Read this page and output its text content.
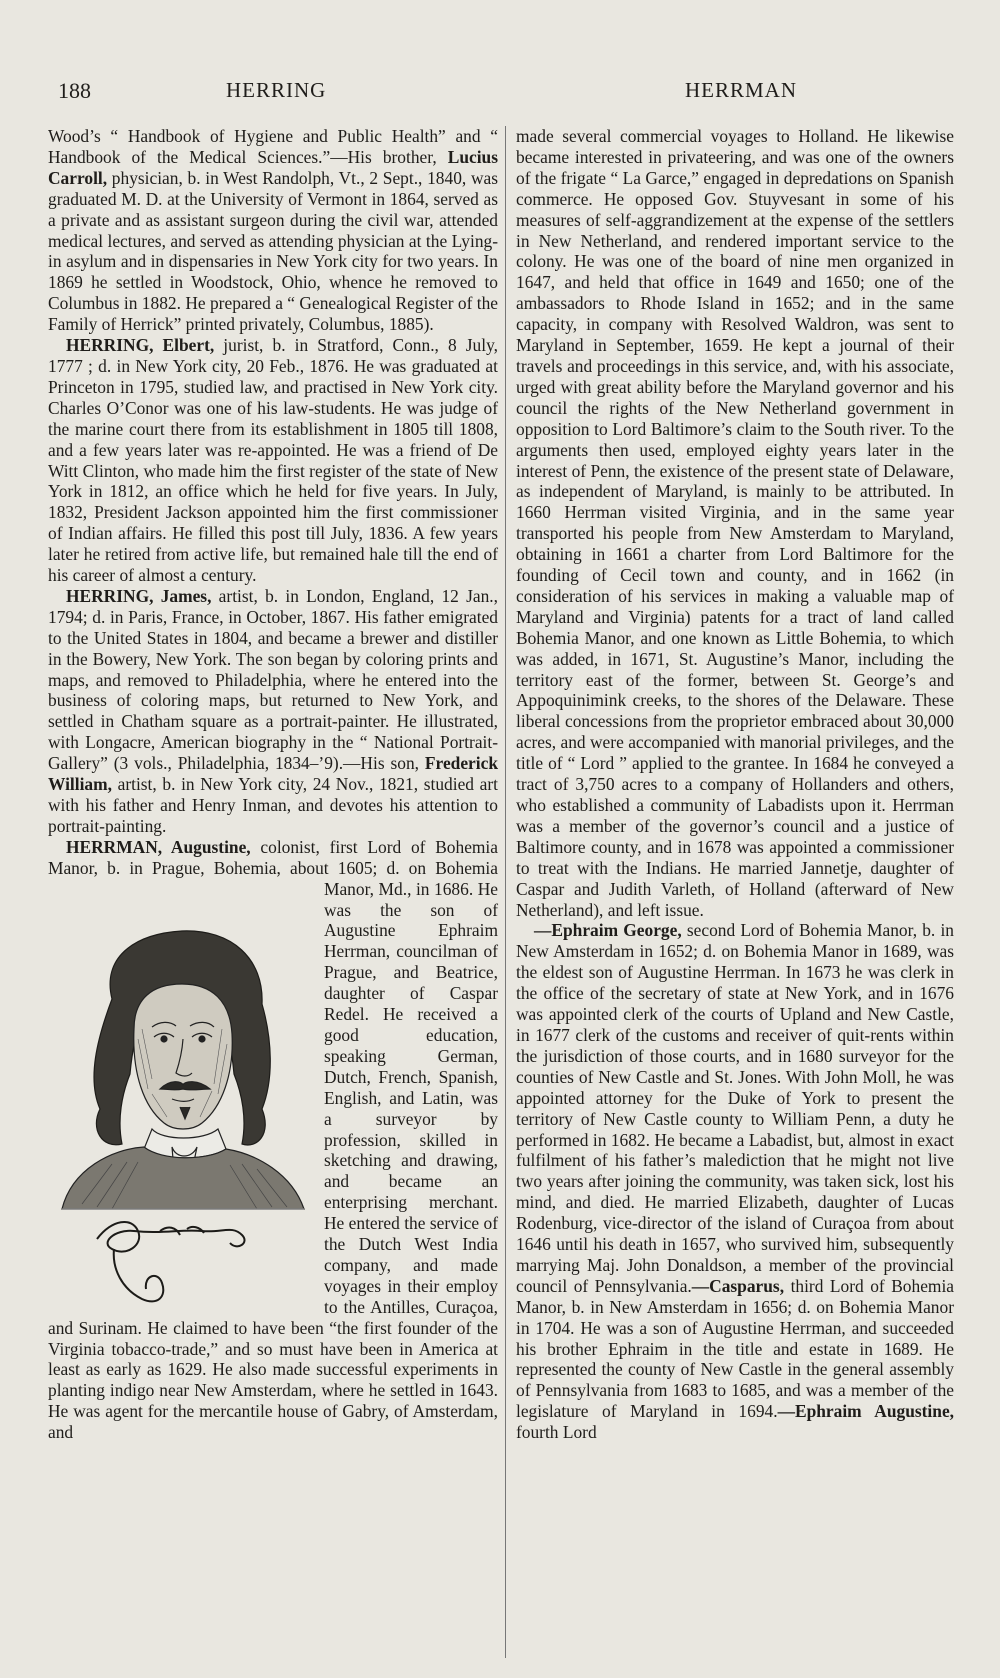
188	HERRING	HERRMAN

Wood’s “ Handbook of Hygiene and Public Health” and “ Handbook of the Medical Sciences.”—His brother, Lucius Carroll, physician, b. in West Randolph, Vt., 2 Sept., 1840, was graduated M. D. at the University of Vermont in 1864, served as a private and as assistant surgeon during the civil war, attended medical lectures, and served as attending physician at the Lying-in asylum and in dispensaries in New York city for two years. In 1869 he settled in Woodstock, Ohio, whence he removed to Columbus in 1882. He prepared a “ Genealogical Register of the Family of Herrick” printed privately, Columbus, 1885).

HERRING, Elbert, jurist, b. in Stratford, Conn., 8 July, 1777 ; d. in New York city, 20 Feb., 1876. He was graduated at Princeton in 1795, studied law, and practised in New York city. Charles O’Conor was one of his law-students. He was judge of the marine court there from its establishment in 1805 till 1808, and a few years later was re-appointed. He was a friend of De Witt Clinton, who made him the first register of the state of New York in 1812, an office which he held for five years. In July, 1832, President Jackson appointed him the first commissioner of Indian affairs. He filled this post till July, 1836. A few years later he retired from active life, but remained hale till the end of his career of almost a century.

HERRING, James, artist, b. in London, England, 12 Jan., 1794; d. in Paris, France, in October, 1867. His father emigrated to the United States in 1804, and became a brewer and distiller in the Bowery, New York. The son began by coloring prints and maps, and removed to Philadelphia, where he entered into the business of coloring maps, but returned to New York, and settled in Chatham square as a portrait-painter. He illustrated, with Longacre, American biography in the “ National Portrait-Gallery” (3 vols., Philadelphia, 1834–’9).—His son, Frederick William, artist, b. in New York city, 24 Nov., 1821, studied art with his father and Henry Inman, and devotes his attention to portrait-painting.

HERRMAN, Augustine, colonist, first Lord of Bohemia Manor, b. in Prague, Bohemia, about 1605; d. on Bohemia Manor, Md., in 1686.
He was the son of Augustine Ephraim Herrman, councilman of Prague, and Beatrice, daughter of Caspar Redel. He received a good education, speaking German, Dutch, French, Spanish, English, and Latin, was a surveyor by profession, skilled in sketching and drawing, and became an enterprising merchant. He entered the service of the Dutch West India company, and made voyages in their employ to the Antilles, Curaçoa, and Surinam. He claimed to have been “the first founder of the Virginia tobacco-trade,” and so must have been in America at least as early as 1629. He also made successful experiments in planting indigo near New Amsterdam, where he settled in 1643. He was agent for the mercantile house of Gabry, of Amsterdam, and

made several commercial voyages to Holland. He likewise became interested in privateering, and was one of the owners of the frigate “ La Garce,” engaged in depredations on Spanish commerce. He opposed Gov. Stuyvesant in some of his measures of self-aggrandizement at the expense of the settlers in New Netherland, and rendered important service to the colony. He was one of the board of nine men organized in 1647, and held that office in 1649 and 1650; one of the ambassadors to Rhode Island in 1652; and in the same capacity, in company with Resolved Waldron, was sent to Maryland in September, 1659. He kept a journal of their travels and proceedings in this service, and, with his associate, urged with great ability before the Maryland governor and his council the rights of the New Netherland government in opposition to Lord Baltimore’s claim to the South river. To the arguments then used, employed eighty years later in the interest of Penn, the existence of the present state of Delaware, as independent of Maryland, is mainly to be attributed. In 1660 Herrman visited Virginia, and in the same year transported his people from New Amsterdam to Maryland, obtaining in 1661 a charter from Lord Baltimore for the founding of Cecil town and county, and in 1662 (in consideration of his services in making a valuable map of Maryland and Virginia) patents for a tract of land called Bohemia Manor, and one known as Little Bohemia, to which was added, in 1671, St. Augustine’s Manor, including the territory east of the former, between St. George’s and Appoquinimink creeks, to the shores of the Delaware. These liberal concessions from the proprietor embraced about 30,000 acres, and were accompanied with manorial privileges, and the title of “ Lord ” applied to the grantee. In 1684 he conveyed a tract of 3,750 acres to a company of Hollanders and others, who established a community of Labadists upon it. Herrman was a member of the governor’s council and a justice of Baltimore county, and in 1678 was appointed a commissioner to treat with the Indians. He married Jannetje, daughter of Caspar and Judith Varleth, of Holland (afterward of New Netherland), and left issue.

—Ephraim George, second Lord of Bohemia Manor, b. in New Amsterdam in 1652; d. on Bohemia Manor in 1689, was the eldest son of Augustine Herrman. In 1673 he was clerk in the office of the secretary of state at New York, and in 1676 was appointed clerk of the courts of Upland and New Castle, in 1677 clerk of the customs and receiver of quit-rents within the jurisdiction of those courts, and in 1680 surveyor for the counties of New Castle and St. Jones. With John Moll, he was appointed attorney for the Duke of York to present the territory of New Castle county to William Penn, a duty he performed in 1682. He became a Labadist, but, almost in exact fulfilment of his father’s malediction that he might not live two years after joining the community, was taken sick, lost his mind, and died. He married Elizabeth, daughter of Lucas Rodenburg, vice-director of the island of Curaçoa from about 1646 until his death in 1657, who survived him, subsequently marrying Maj. John Donaldson, a member of the provincial council of Pennsylvania.—Casparus, third Lord of Bohemia Manor, b. in New Amsterdam in 1656; d. on Bohemia Manor in 1704. He was a son of Augustine Herrman, and succeeded his brother Ephraim in the title and estate in 1689. He represented the county of New Castle in the general assembly of Pennsylvania from 1683 to 1685, and was a member of the legislature of Maryland in 1694.—Ephraim Augustine, fourth Lord
